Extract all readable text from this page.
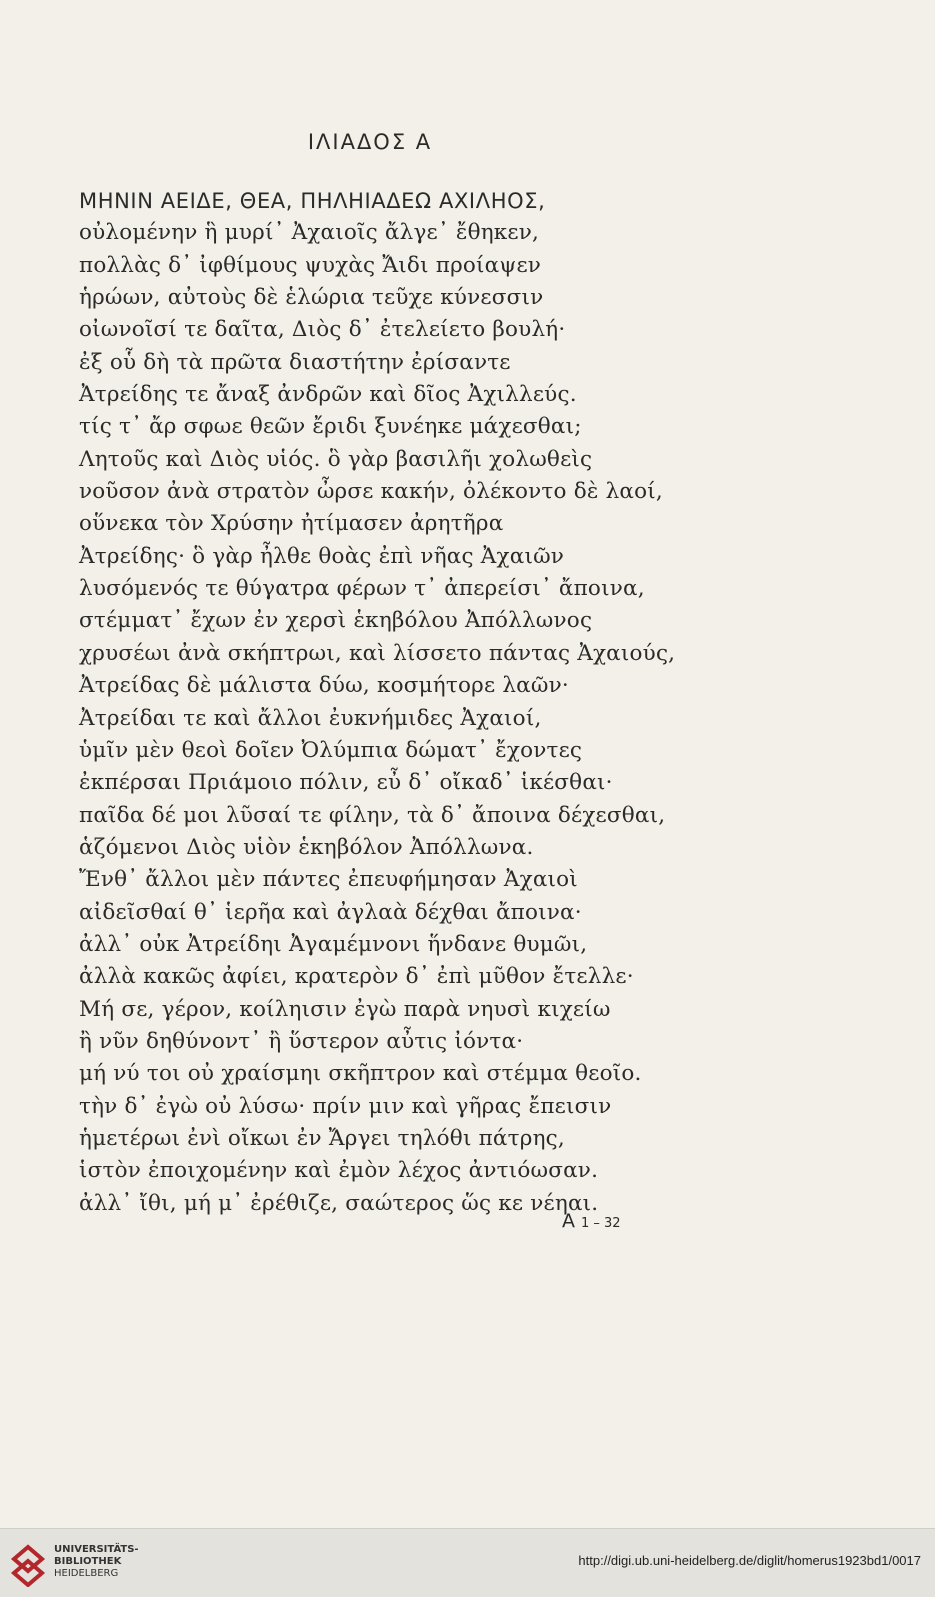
ΙΛΙΑΔΟΣ Α
ΜΗΝΙΝ ΑΕΙΔΕ, ΘΕΑ, ΠΗΛΗΙΑΔΕΩ ΑΧΙΛΗΟΣ,
οὐλομένην ἣ μυρί᾽ Ἀχαιοῖς ἄλγε᾽ ἔθηκεν,
πολλὰς δ᾽ ἰφθίμους ψυχὰς Ἄιδι προίαψεν
ἡρώων, αὐτοὺς δὲ ἑλώρια τεῦχε κύνεσσιν
οἰωνοῖσί τε δαῖτα, Διὸς δ᾽ ἐτελείετο βουλή·
ἐξ οὗ δὴ τὰ πρῶτα διαστήτην ἐρίσαντε
Ἀτρείδης τε ἄναξ ἀνδρῶν καὶ δῖος Ἀχιλλεύς.
τίς τ᾽ ἄρ σφωε θεῶν ἔριδι ξυνέηκε μάχεσθαι;
Λητοῦς καὶ Διὸς υἱός. ὃ γὰρ βασιλῆι χολωθεὶς
νοῦσον ἀνὰ στρατὸν ὦρσε κακήν, ὀλέκοντο δὲ λαοί,
οὕνεκα τὸν Χρύσην ἠτίμασεν ἀρητῆρα
Ἀτρείδης· ὃ γὰρ ἦλθε θοὰς ἐπὶ νῆας Ἀχαιῶν
λυσόμενός τε θύγατρα φέρων τ᾽ ἀπερείσι᾽ ἄποινα,
στέμματ᾽ ἔχων ἐν χερσὶ ἑκηβόλου Ἀπόλλωνος
χρυσέωι ἀνὰ σκήπτρωι, καὶ λίσσετο πάντας Ἀχαιούς,
Ἀτρείδας δὲ μάλιστα δύω, κοσμήτορε λαῶν·
Ἀτρείδαι τε καὶ ἄλλοι ἐυκνήμιδες Ἀχαιοί,
ὑμῖν μὲν θεοὶ δοῖεν Ὀλύμπια δώματ᾽ ἔχοντες
ἐκπέρσαι Πριάμοιο πόλιν, εὖ δ᾽ οἴκαδ᾽ ἱκέσθαι·
παῖδα δέ μοι λῦσαί τε φίλην, τὰ δ᾽ ἄποινα δέχεσθαι,
ἁζόμενοι Διὸς υἱὸν ἑκηβόλον Ἀπόλλωνα.
Ἔνθ᾽ ἄλλοι μὲν πάντες ἐπευφήμησαν Ἀχαιοὶ
αἰδεῖσθαί θ᾽ ἱερῆα καὶ ἀγλαὰ δέχθαι ἄποινα·
ἀλλ᾽ οὐκ Ἀτρείδηι Ἀγαμέμνονι ἥνδανε θυμῶι,
ἀλλὰ κακῶς ἀφίει, κρατερὸν δ᾽ ἐπὶ μῦθον ἔτελλε·
Μή σε, γέρον, κοίληισιν ἐγὼ παρὰ νηυσὶ κιχείω
ἢ νῦν δηθύνοντ᾽ ἢ ὕστερον αὖτις ἰόντα·
μή νύ τοι οὐ χραίσμηι σκῆπτρον καὶ στέμμα θεοῖο.
τὴν δ᾽ ἐγὼ οὐ λύσω· πρίν μιν καὶ γῆρας ἔπεισιν
ἡμετέρωι ἐνὶ οἴκωι ἐν Ἄργει τηλόθι πάτρης,
ἱστὸν ἐποιχομένην καὶ ἐμὸν λέχος ἀντιόωσαν.
ἀλλ᾽ ἴθι, μή μ᾽ ἐρέθιζε, σαώτερος ὥς κε νέηαι.
Α 1 – 32
UNIVERSITÄTS-
BIBLIOTHEK
HEIDELBERG
http://digi.ub.uni-heidelberg.de/diglit/homerus1923bd1/0017
